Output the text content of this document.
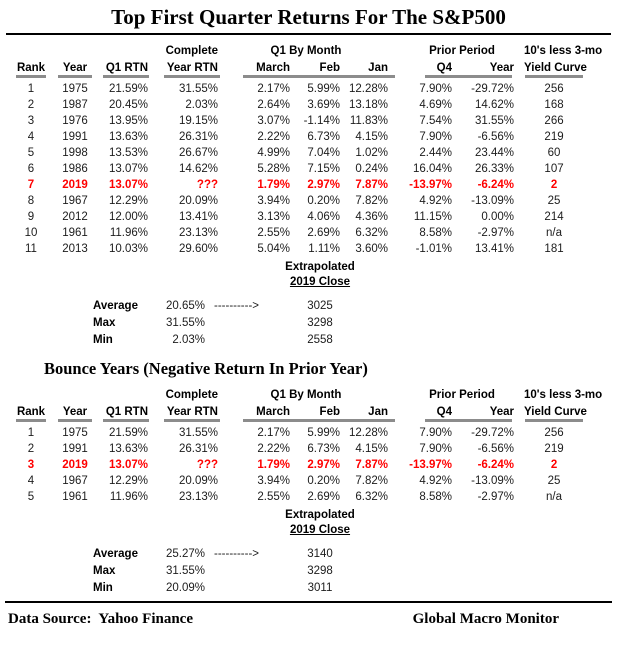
Top First Quarter Returns For The S&P500
			Complete	Q1 By Month			Prior Period		10's less 3-mo
Rank	Year	Q1 RTN	Year RTN	March	Feb	Jan	Q4	Year	Yield Curve

1	1975	21.59%	31.55%	2.17%	5.99%	12.28%	7.90%	-29.72%	256
2	1987	20.45%	2.03%	2.64%	3.69%	13.18%	4.69%	14.62%	168
3	1976	13.95%	19.15%	3.07%	-1.14%	11.83%	7.54%	31.55%	266
4	1991	13.63%	26.31%	2.22%	6.73%	4.15%	7.90%	-6.56%	219
5	1998	13.53%	26.67%	4.99%	7.04%	1.02%	2.44%	23.44%	60
6	1986	13.07%	14.62%	5.28%	7.15%	0.24%	16.04%	26.33%	107
7	2019	13.07%	???	1.79%	2.97%	7.87%	-13.97%	-6.24%	2
8	1967	12.29%	20.09%	3.94%	0.20%	7.82%	4.92%	-13.09%	25
9	2012	12.00%	13.41%	3.13%	4.06%	4.36%	11.15%	0.00%	214
10	1961	11.96%	23.13%	2.55%	2.69%	6.32%	8.58%	-2.97%	n/a
11	2013	10.03%	29.60%	5.04%	1.11%	3.60%	-1.01%	13.41%	181
Extrapolated
2019 Close
Average	20.65% ---------->	3025
Max	31.55%	3298
Min	2.03%	2558
Bounce Years (Negative Return In Prior Year)
			Complete	Q1 By Month			Prior Period		10's less 3-mo
Rank	Year	Q1 RTN	Year RTN	March	Feb	Jan	Q4	Year	Yield Curve

1	1975	21.59%	31.55%	2.17%	5.99%	12.28%	7.90%	-29.72%	256
2	1991	13.63%	26.31%	2.22%	6.73%	4.15%	7.90%	-6.56%	219
3	2019	13.07%	???	1.79%	2.97%	7.87%	-13.97%	-6.24%	2
4	1967	12.29%	20.09%	3.94%	0.20%	7.82%	4.92%	-13.09%	25
5	1961	11.96%	23.13%	2.55%	2.69%	6.32%	8.58%	-2.97%	n/a
Extrapolated
2019 Close
Average	25.27% ---------->	3140
Max	31.55%	3298
Min	20.09%	3011
Data Source:  Yahoo Finance	Global Macro Monitor
